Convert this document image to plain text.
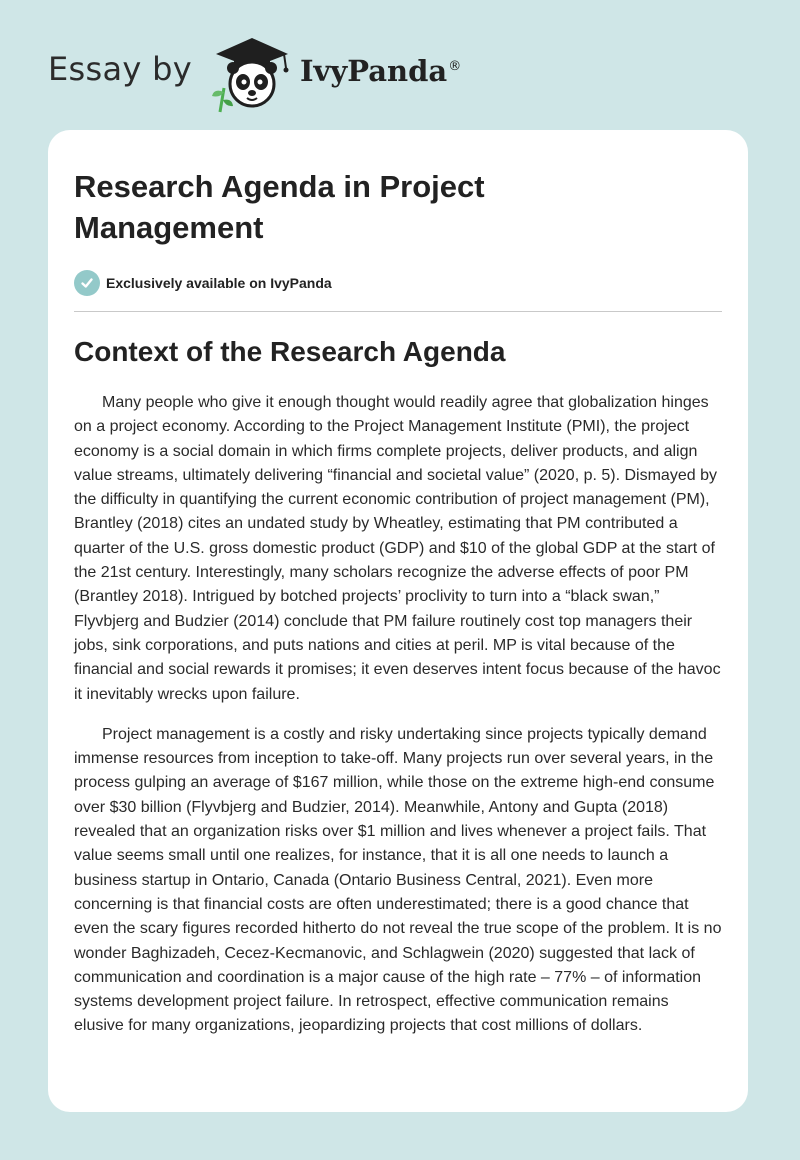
Essay by	IvyPanda®
Research Agenda in Project Management
Exclusively available on IvyPanda
Context of the Research Agenda

Many people who give it enough thought would readily agree that globalization hinges on a project economy. According to the Project Management Institute (PMI), the project economy is a social domain in which firms complete projects, deliver products, and align value streams, ultimately delivering “financial and societal value” (2020, p. 5). Dismayed by the difficulty in quantifying the current economic contribution of project management (PM), Brantley (2018) cites an undated study by Wheatley, estimating that PM contributed a quarter of the U.S. gross domestic product (GDP) and $10 of the global GDP at the start of the 21st century. Interestingly, many scholars recognize the adverse effects of poor PM (Brantley 2018). Intrigued by botched projects’ proclivity to turn into a “black swan,” Flyvbjerg and Budzier (2014) conclude that PM failure routinely cost top managers their jobs, sink corporations, and puts nations and cities at peril. MP is vital because of the financial and social rewards it promises; it even deserves intent focus because of the havoc it inevitably wrecks upon failure.

Project management is a costly and risky undertaking since projects typically demand immense resources from inception to take-off. Many projects run over several years, in the process gulping an average of $167 million, while those on the extreme high-end consume over $30 billion (Flyvbjerg and Budzier, 2014). Meanwhile, Antony and Gupta (2018) revealed that an organization risks over $1 million and lives whenever a project fails. That value seems small until one realizes, for instance, that it is all one needs to launch a business startup in Ontario, Canada (Ontario Business Central, 2021). Even more concerning is that financial costs are often underestimated; there is a good chance that even the scary figures recorded hitherto do not reveal the true scope of the problem. It is no wonder Baghizadeh, Cecez-Kecmanovic, and Schlagwein (2020) suggested that lack of communication and coordination is a major cause of the high rate – 77% – of information systems development project failure. In retrospect, effective communication remains elusive for many organizations, jeopardizing projects that cost millions of dollars.
